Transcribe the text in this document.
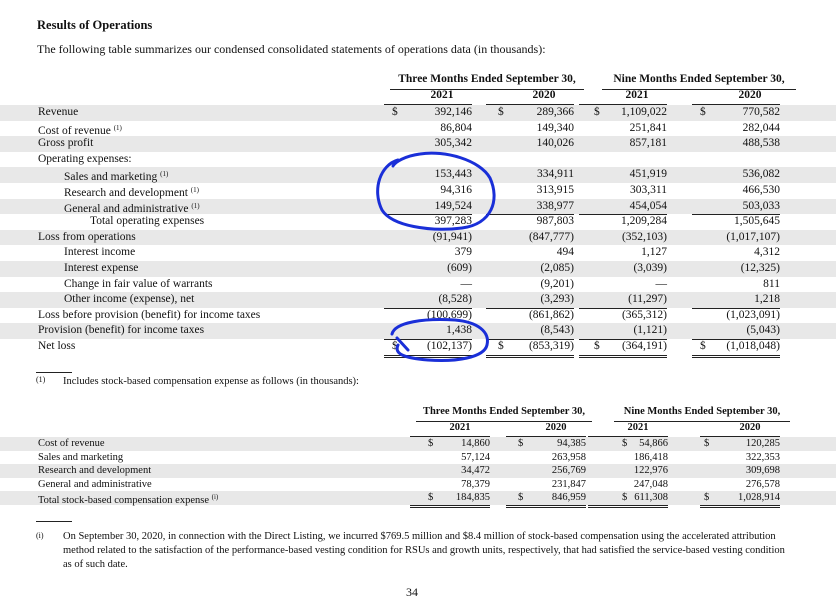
Results of Operations
The following table summarizes our condensed consolidated statements of operations data (in thousands):
Three Months Ended September 30,	Nine Months Ended September 30,
2021	2020	2021	2020
Revenue	$	392,146 $	289,366 $	1,109,022	$	770,582
Cost of revenue $^{(1)}$	86,804	149,340	251,841	282,044
Gross profit	305,342	140,026	857,181	488,538
Operating expenses:
Sales and marketing $^{(1)}$	153,443	334,911	451,919	536,082
Research and development $^{(1)}$	94,316	313,915	303,311	466,530
General and administrative $^{(1)}$	149,524	338,977	454,054	503,033
Total operating expenses	397,283	987,803	1,209,284	1,505,645
Loss from operations	(91,941)	(847,777)	(352,103)	(1,017,107)
Interest income	379	494	1,127	4,312
Interest expense	(609)	(2,085)	(3,039)	(12,325)
Change in fair value of warrants	—	(9,201)	—	811
Other income (expense), net	(8,528)	(3,293)	(11,297)	1,218
Loss before provision (benefit) for income taxes	(100,699)	(861,862)	(365,312)	(1,023,091)
Provision (benefit) for income taxes	1,438	(8,543)	(1,121)	(5,043)
Net loss	$	(102,137) $	(853,319) $	(364,191)	$	(1,018,048)
(1) Includes stock-based compensation expense as follows (in thousands):
Three Months Ended September 30,	Nine Months Ended September 30,
2021	2020	2021	2020
Cost of revenue	$	14,860	$	94,385	$	54,866	$	120,285
Sales and marketing	57,124	263,958	186,418	322,353
Research and development	34,472	256,769	122,976	309,698
General and administrative	78,379	231,847	247,048	276,578
Total stock-based compensation expense $^{(i)}$	$	184,835	$	846,959	$ 611,308	$	1,028,914
(i) On September 30, 2020, in connection with the Direct Listing, we incurred $769.5 million and $8.4 million of stock-based compensation using the accelerated attribution method related to the satisfaction of the performance-based vesting condition for RSUs and growth units, respectively, that had satisfied the service-based vesting condition as of such date.
34
